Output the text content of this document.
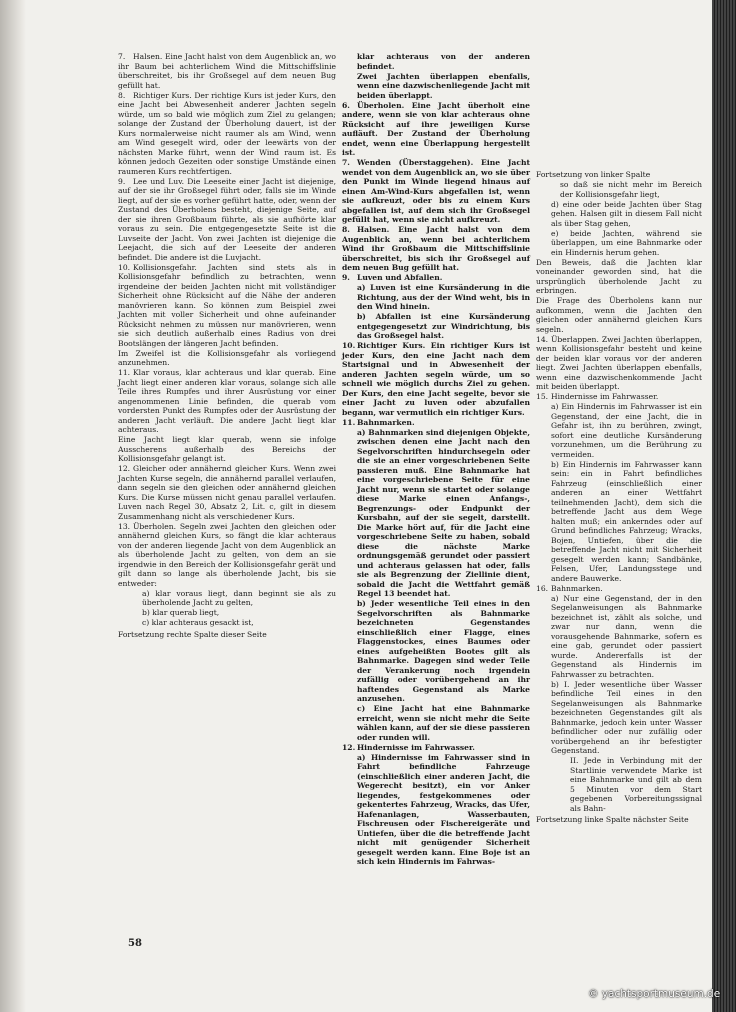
7. Halsen. Eine Jacht halst von dem Augenblick an, wo ihr Baum bei achterlichem Wind die Mittschiffslinie überschreitet, bis ihr Großsegel auf dem neuen Bug gefüllt hat.

8. Richtiger Kurs. Der richtige Kurs ist jeder Kurs, den eine Jacht bei Abwesenheit anderer Jachten segeln würde, um so bald wie möglich zum Ziel zu gelangen; solange der Zustand der Überholung dauert, ist der Kurs normalerweise nicht raumer als am Wind, wenn am Wind gesegelt wird, oder der leewärts von der nächsten Marke führt, wenn der Wind raum ist. Es können jedoch Gezeiten oder sonstige Umstände einen raumeren Kurs rechtfertigen.

9. Lee und Luv. Die Leeseite einer Jacht ist diejenige, auf der sie ihr Großsegel führt oder, falls sie im Winde liegt, auf der sie es vorher geführt hatte, oder, wenn der Zustand des Überholens besteht, diejenige Seite, auf der sie ihren Großbaum führte, als sie aufhörte klar voraus zu sein. Die entgegengesetzte Seite ist die Luvseite der Jacht. Von zwei Jachten ist diejenige die Leejacht, die sich auf der Leeseite der anderen befindet. Die andere ist die Luvjacht.

10. Kollisionsgefahr. Jachten sind stets als in Kollisionsgefahr befindlich zu betrachten, wenn irgendeine der beiden Jachten nicht mit vollständiger Sicherheit ohne Rücksicht auf die Nähe der anderen manövrieren kann. So können zum Beispiel zwei Jachten mit voller Sicherheit und ohne aufeinander Rücksicht nehmen zu müssen nur manövrieren, wenn sie sich deutlich außerhalb eines Radius von drei Bootslängen der längeren Jacht befinden.

Im Zweifel ist die Kollisionsgefahr als vorliegend anzunehmen.

11. Klar voraus, klar achteraus und klar querab. Eine Jacht liegt einer anderen klar voraus, solange sich alle Teile ihres Rumpfes und ihrer Ausrüstung vor einer angenommenen Linie befinden, die querab vom vordersten Punkt des Rumpfes oder der Ausrüstung der anderen Jacht verläuft. Die andere Jacht liegt klar achteraus.

Eine Jacht liegt klar querab, wenn sie infolge Ausscherens außerhalb des Bereichs der Kollisionsgefahr gelangt ist.

12. Gleicher oder annähernd gleicher Kurs. Wenn zwei Jachten Kurse segeln, die annähernd parallel verlaufen, dann segeln sie den gleichen oder annähernd gleichen Kurs. Die Kurse müssen nicht genau parallel verlaufen. Luven nach Regel 30, Absatz 2, Lit. c, gilt in diesem Zusammenhang nicht als verschiedener Kurs.

13. Überholen. Segeln zwei Jachten den gleichen oder annähernd gleichen Kurs, so fängt die klar achteraus von der anderen liegende Jacht von dem Augenblick an als überholende Jacht zu gelten, von dem an sie irgendwie in den Bereich der Kollisionsgefahr gerät und gilt dann so lange als überholende Jacht, bis sie entweder:

a) klar voraus liegt, dann beginnt sie als zu überholende Jacht zu gelten,

b) klar querab liegt,

c) klar achteraus gesackt ist,

Fortsetzung rechte Spalte dieser Seite

klar achteraus von der anderen befindet.

Zwei Jachten überlappen ebenfalls, wenn eine dazwischenliegende Jacht mit beiden überlappt.

6. Überholen. Eine Jacht überholt eine andere, wenn sie von klar achteraus ohne Rücksicht auf ihre jeweiligen Kurse aufläuft. Der Zustand der Überholung endet, wenn eine Überlappung hergestellt ist.

7. Wenden (Überstaggehen). Eine Jacht wendet von dem Augenblick an, wo sie über den Punkt im Winde liegend hinaus auf einen Am-Wind-Kurs abgefallen ist, wenn sie aufkreuzt, oder bis zu einem Kurs abgefallen ist, auf dem sich ihr Großsegel gefüllt hat, wenn sie nicht aufkreuzt.

8. Halsen. Eine Jacht halst von dem Augenblick an, wenn bei achterlichem Wind ihr Großbaum die Mittschiffslinie überschreitet, bis sich ihr Großsegel auf dem neuen Bug gefüllt hat.

9. Luven und Abfallen.

a) Luven ist eine Kursänderung in die Richtung, aus der der Wind weht, bis in den Wind hinein.

b) Abfallen ist eine Kursänderung entgegengesetzt zur Windrichtung, bis das Großsegel halst.

10. Richtiger Kurs. Ein richtiger Kurs ist jeder Kurs, den eine Jacht nach dem Startsignal und in Abwesenheit der anderen Jachten segeln würde, um so schnell wie möglich durchs Ziel zu gehen. Der Kurs, den eine Jacht segelte, bevor sie einer Jacht zu luven oder abzufallen begann, war vermutlich ein richtiger Kurs.

11. Bahnmarken.

a) Bahnmarken sind diejenigen Objekte, zwischen denen eine Jacht nach den Segelvorschriften hindurchsegeln oder die sie an einer vorgeschriebenen Seite passieren muß. Eine Bahnmarke hat eine vorgeschriebene Seite für eine Jacht nur, wenn sie startet oder solange diese Marke einen Anfangs-, Begrenzungs- oder Endpunkt der Kursbahn, auf der sie segelt, darstellt. Die Marke hört auf, für die Jacht eine vorgeschriebene Seite zu haben, sobald diese die nächste Marke ordnungsgemäß gerundet oder passiert und achteraus gelassen hat oder, falls sie als Begrenzung der Ziellinie dient, sobald die Jacht die Wettfahrt gemäß Regel 13 beendet hat.

b) Jeder wesentliche Teil eines in den Segelvorschriften als Bahnmarke bezeichneten Gegenstandes einschließlich einer Flagge, eines Flaggenstockes, eines Baumes oder eines aufgeheißten Bootes gilt als Bahnmarke. Dagegen sind weder Teile der Verankerung noch irgendein zufällig oder vorübergehend an ihr haftendes Gegenstand als Marke anzusehen.

c) Eine Jacht hat eine Bahnmarke erreicht, wenn sie nicht mehr die Seite wählen kann, auf der sie diese passieren oder runden will.

12. Hindernisse im Fahrwasser.

a) Hindernisse im Fahrwasser sind in Fahrt befindliche Fahrzeuge (einschließlich einer anderen Jacht, die Wegerecht besitzt), ein vor Anker liegendes, festgekommenes oder gekentertes Fahrzeug, Wracks, das Ufer, Hafenanlagen, Wasserbauten, Fischreusen oder Fischereigeräte und Untiefen, über die die betreffende Jacht nicht mit genügender Sicherheit gesegelt werden kann. Eine Boje ist an sich kein Hindernis im Fahrwas-

Fortsetzung von linker Spalte

so daß sie nicht mehr im Bereich der Kollisionsgefahr liegt,

d) eine oder beide Jachten über Stag gehen. Halsen gilt in diesem Fall nicht als über Stag gehen,

e) beide Jachten, während sie überlappen, um eine Bahnmarke oder ein Hindernis herum gehen.

Den Beweis, daß die Jachten klar voneinander geworden sind, hat die ursprünglich überholende Jacht zu erbringen.

Die Frage des Überholens kann nur aufkommen, wenn die Jachten den gleichen oder annähernd gleichen Kurs segeln.

14. Überlappen. Zwei Jachten überlappen, wenn Kollisionsgefahr besteht und keine der beiden klar voraus vor der anderen liegt. Zwei Jachten überlappen ebenfalls, wenn eine dazwischenkommende Jacht mit beiden überlappt.

15. Hindernisse im Fahrwasser.

a) Ein Hindernis im Fahrwasser ist ein Gegenstand, der eine Jacht, die in Gefahr ist, ihn zu berühren, zwingt, sofort eine deutliche Kursänderung vorzunehmen, um die Berührung zu vermeiden.

b) Ein Hindernis im Fahrwasser kann sein: ein in Fahrt befindliches Fahrzeug (einschließlich einer anderen an einer Wettfahrt teilnehmenden Jacht), dem sich die betreffende Jacht aus dem Wege halten muß; ein ankerndes oder auf Grund befindliches Fahrzeug; Wracks, Bojen, Untiefen, über die die betreffende Jacht nicht mit Sicherheit gesegelt werden kann; Sandbänke, Felsen, Ufer, Landungsstege und andere Bauwerke.

16. Bahnmarken.

a) Nur eine Gegenstand, der in den Segelanweisungen als Bahnmarke bezeichnet ist, zählt als solche, und zwar nur dann, wenn die vorausgehende Bahnmarke, sofern es eine gab, gerundet oder passiert wurde. Andererfalls ist der Gegenstand als Hindernis im Fahrwasser zu betrachten.

b) I. Jeder wesentliche über Wasser befindliche Teil eines in den Segelanweisungen als Bahnmarke bezeichneten Gegenstandes gilt als Bahnmarke, jedoch kein unter Wasser befindlicher oder nur zufällig oder vorübergehend an ihr befestigter Gegenstand.

II. Jede in Verbindung mit der Startlinie verwendete Marke ist eine Bahnmarke und gilt ab dem 5 Minuten vor dem Start gegebenen Vorbereitungssignal als Bahn-

Fortsetzung linke Spalte nächster Seite

58
© yachtsportmuseum.de
